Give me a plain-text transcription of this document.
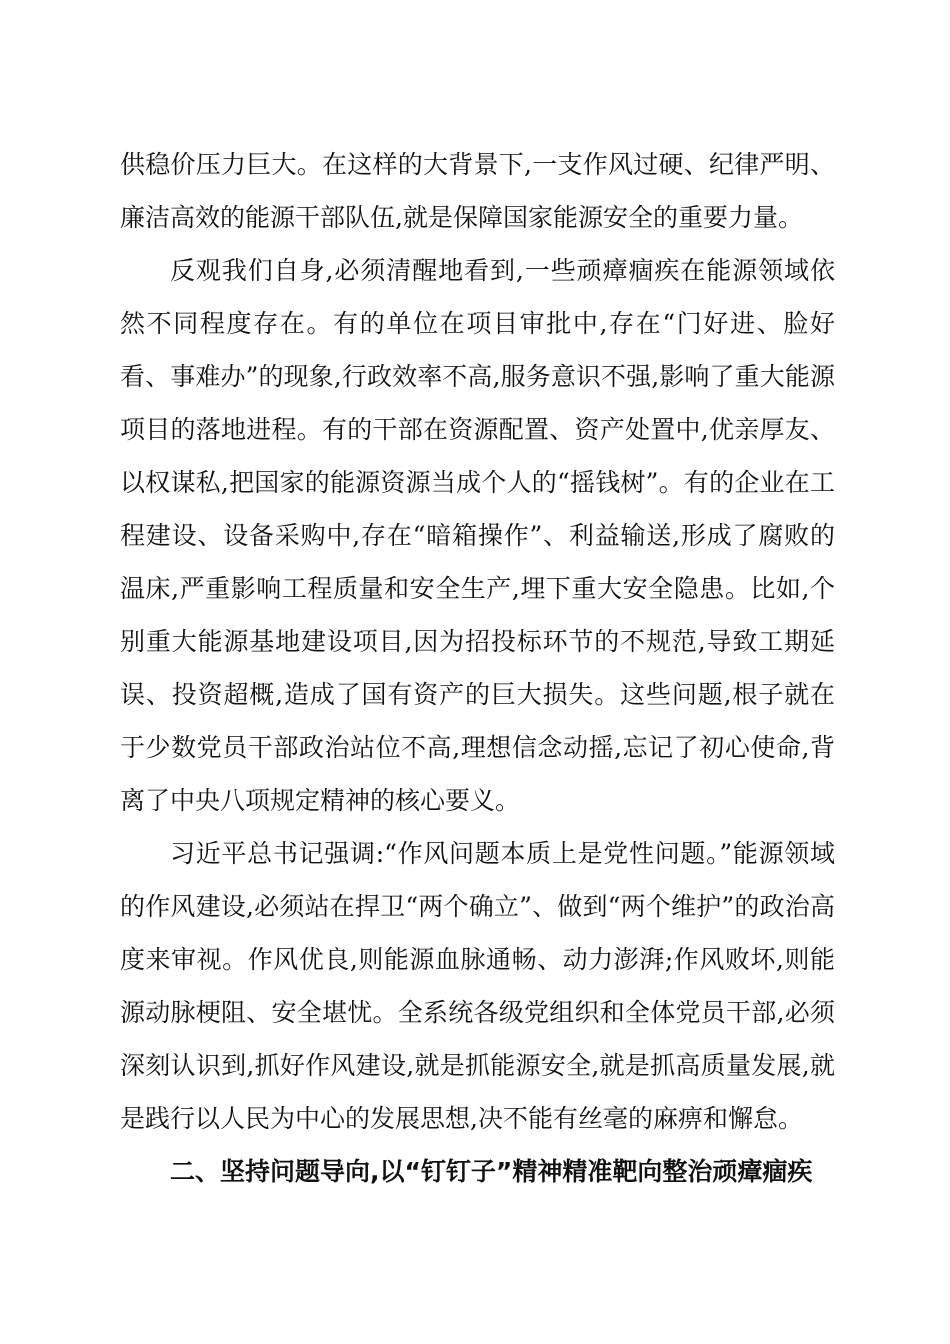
供稳价压力巨大。在这样的大背景下,一支作风过硬、纪律严明、廉洁高效的能源干部队伍,就是保障国家能源安全的重要力量。

反观我们自身,必须清醒地看到,一些顽瘴痼疾在能源领域依然不同程度存在。有的单位在项目审批中,存在“门好进、脸好看、事难办”的现象,行政效率不高,服务意识不强,影响了重大能源项目的落地进程。有的干部在资源配置、资产处置中,优亲厚友、以权谋私,把国家的能源资源当成个人的“摇钱树”。有的企业在工程建设、设备采购中,存在“暗箱操作”、利益输送,形成了腐败的温床,严重影响工程质量和安全生产,埋下重大安全隐患。比如,个别重大能源基地建设项目,因为招投标环节的不规范,导致工期延误、投资超概,造成了国有资产的巨大损失。这些问题,根子就在于少数党员干部政治站位不高,理想信念动摇,忘记了初心使命,背离了中央八项规定精神的核心要义。

习近平总书记强调:“作风问题本质上是党性问题。”能源领域的作风建设,必须站在捍卫“两个确立”、做到“两个维护”的政治高度来审视。作风优良,则能源血脉通畅、动力澎湃;作风败坏,则能源动脉梗阻、安全堪忧。全系统各级党组织和全体党员干部,必须深刻认识到,抓好作风建设,就是抓能源安全,就是抓高质量发展,就是践行以人民为中心的发展思想,决不能有丝毫的麻痹和懈怠。

二、坚持问题导向,以“钉钉子”精神精准靶向整治顽瘴痼疾
